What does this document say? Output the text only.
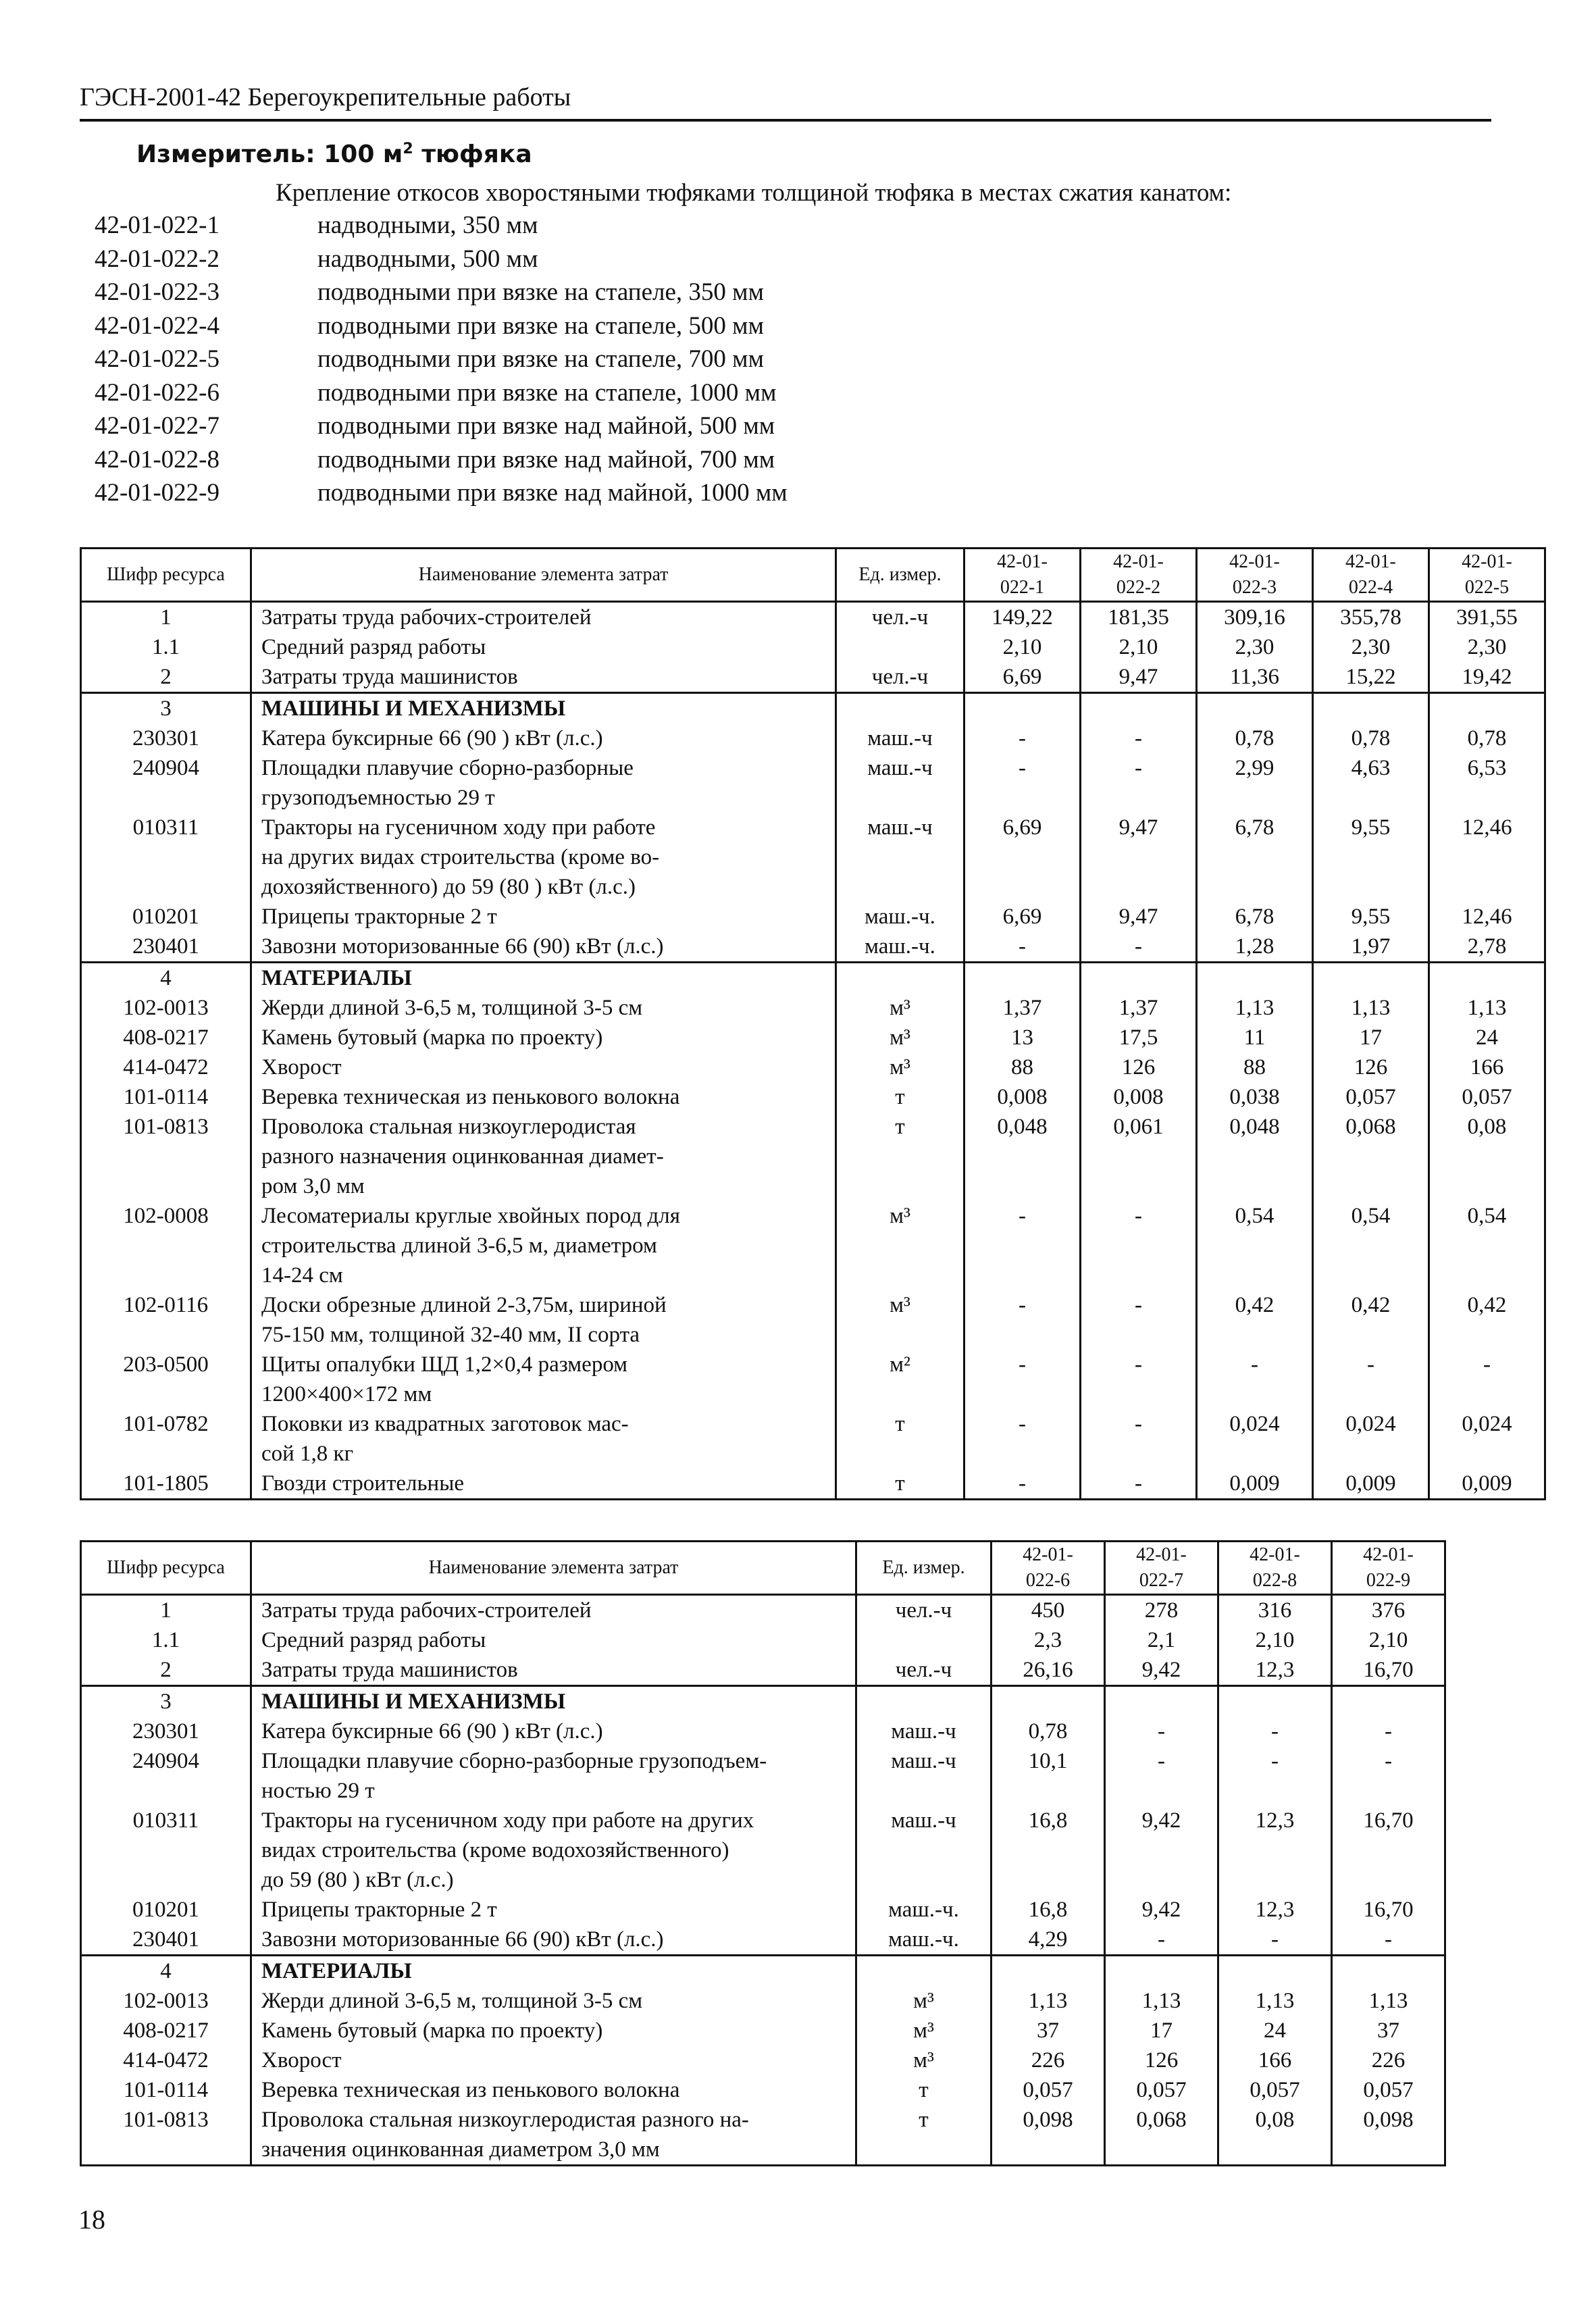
ГЭСН-2001-42 Берегоукрепительные работы
Измеритель: 100 $м^2$ тюфяка
Крепление откосов хворостяными тюфяками толщиной тюфяка в местах сжатия канатом:
42-01-022-1	надводными, 350 мм
42-01-022-2	надводными, 500 мм
42-01-022-3	подводными при вязке на стапеле, 350 мм
42-01-022-4	подводными при вязке на стапеле, 500 мм
42-01-022-5	подводными при вязке на стапеле, 700 мм
42-01-022-6	подводными при вязке на стапеле, 1000 мм
42-01-022-7	подводными при вязке над майной, 500 мм
42-01-022-8	подводными при вязке над майной, 700 мм
42-01-022-9	подводными при вязке над майной, 1000 мм
Шифр ресурса	Наименование элемента затрат	Ед. измер.	42-01-
022-1	42-01-
022-2	42-01-
022-3	42-01-
022-4	42-01-
022-5
1	Затраты труда рабочих-строителей	чел.-ч	149,22	181,35	309,16	355,78	391,55
1.1	Средний разряд работы		2,10	2,10	2,30	2,30	2,30
2	Затраты труда машинистов	чел.-ч	6,69	9,47	11,36	15,22	19,42
3	МАШИНЫ И МЕХАНИЗМЫ						
230301	Катера буксирные 66 (90 ) кВт (л.с.)	маш.-ч	-	-	0,78	0,78	0,78
240904	Площадки плавучие сборно-разборные
грузоподъемностью 29 т	маш.-ч	-	-	2,99	4,63	6,53
010311	Тракторы на гусеничном ходу при работе
на других видах строительства (кроме во-
дохозяйственного) до 59 (80 ) кВт (л.с.)	маш.-ч	6,69	9,47	6,78	9,55	12,46
010201	Прицепы тракторные 2 т	маш.-ч.	6,69	9,47	6,78	9,55	12,46
230401	Завозни моторизованные 66 (90) кВт (л.с.)	маш.-ч.	-	-	1,28	1,97	2,78
4	МАТЕРИАЛЫ						
102-0013	Жерди длиной 3-6,5 м, толщиной 3-5 см	м³	1,37	1,37	1,13	1,13	1,13
408-0217	Камень бутовый (марка по проекту)	м³	13	17,5	11	17	24
414-0472	Хворост	м³	88	126	88	126	166
101-0114	Веревка техническая из пенькового волокна	т	0,008	0,008	0,038	0,057	0,057
101-0813	Проволока стальная низкоуглеродистая
разного назначения оцинкованная диамет-
ром 3,0 мм	т	0,048	0,061	0,048	0,068	0,08
102-0008	Лесоматериалы круглые хвойных пород для
строительства длиной 3-6,5 м, диаметром
14-24 см	м³	-	-	0,54	0,54	0,54
102-0116	Доски обрезные длиной 2-3,75м, шириной
75-150 мм, толщиной 32-40 мм, II сорта	м³	-	-	0,42	0,42	0,42
203-0500	Щиты опалубки ЩД 1,2×0,4 размером
1200×400×172 мм	м²	-	-	-	-	-
101-0782	Поковки из квадратных заготовок мас-
сой 1,8 кг	т	-	-	0,024	0,024	0,024
101-1805	Гвозди строительные	т	-	-	0,009	0,009	0,009
Шифр ресурса	Наименование элемента затрат	Ед. измер.	42-01-
022-6	42-01-
022-7	42-01-
022-8	42-01-
022-9
1	Затраты труда рабочих-строителей	чел.-ч	450	278	316	376
1.1	Средний разряд работы		2,3	2,1	2,10	2,10
2	Затраты труда машинистов	чел.-ч	26,16	9,42	12,3	16,70
3	МАШИНЫ И МЕХАНИЗМЫ					
230301	Катера буксирные 66 (90 ) кВт (л.с.)	маш.-ч	0,78	-	-	-
240904	Площадки плавучие сборно-разборные грузоподъем-
ностью 29 т	маш.-ч	10,1	-	-	-
010311	Тракторы на гусеничном ходу при работе на других
видах строительства (кроме водохозяйственного)
до 59 (80 ) кВт (л.с.)	маш.-ч	16,8	9,42	12,3	16,70
010201	Прицепы тракторные 2 т	маш.-ч.	16,8	9,42	12,3	16,70
230401	Завозни моторизованные 66 (90) кВт (л.с.)	маш.-ч.	4,29	-	-	-
4	МАТЕРИАЛЫ					
102-0013	Жерди длиной 3-6,5 м, толщиной 3-5 см	м³	1,13	1,13	1,13	1,13
408-0217	Камень бутовый (марка по проекту)	м³	37	17	24	37
414-0472	Хворост	м³	226	126	166	226
101-0114	Веревка техническая из пенькового волокна	т	0,057	0,057	0,057	0,057
101-0813	Проволока стальная низкоуглеродистая разного на-
значения оцинкованная диаметром 3,0 мм	т	0,098	0,068	0,08	0,098
18
